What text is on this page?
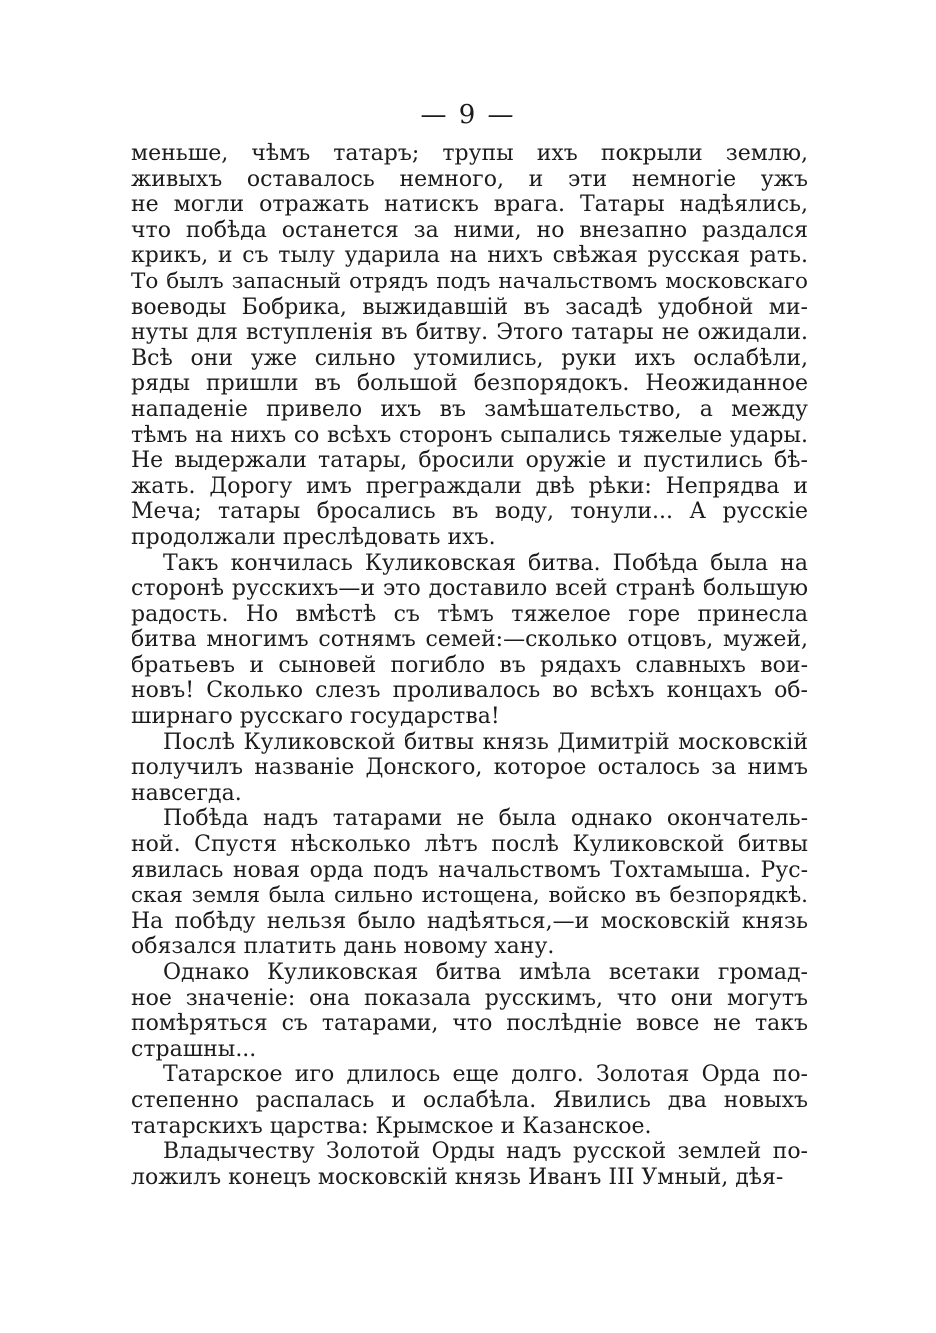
— 9 —
меньше, чѣмъ татаръ; трупы ихъ покрыли землю,
живыхъ оставалось немного, и эти немногіе ужъ
не могли отражать натискъ врага. Татары надѣялись,
что побѣда останется за ними, но внезапно раздался
крикъ, и съ тылу ударила на нихъ свѣжая русская рать.
То былъ запасный отрядъ подъ начальствомъ московскаго
воеводы Бобрика, выжидавшій въ засадѣ удобной ми-
нуты для вступленія въ битву. Этого татары не ожидали.
Всѣ они уже сильно утомились, руки ихъ ослабѣли,
ряды пришли въ большой безпорядокъ. Неожиданное
нападеніе привело ихъ въ замѣшательство, а между
тѣмъ на нихъ со всѣхъ сторонъ сыпались тяжелые удары.
Не выдержали татары, бросили оружіе и пустились бѣ-
жать. Дорогу имъ преграждали двѣ рѣки: Непрядва и
Меча; татары бросались въ воду, тонули... А русскіе
продолжали преслѣдовать ихъ.
Такъ кончилась Куликовская битва. Побѣда была на
сторонѣ русскихъ—и это доставило всей странѣ большую
радость. Но вмѣстѣ съ тѣмъ тяжелое горе принесла
битва многимъ сотнямъ семей:—сколько отцовъ, мужей,
братьевъ и сыновей погибло въ рядахъ славныхъ вои-
новъ! Сколько слезъ проливалось во всѣхъ концахъ об-
ширнаго русскаго государства!
Послѣ Куликовской битвы князь Димитрій московскій
получилъ названіе Донского, которое осталось за нимъ
навсегда.
Побѣда надъ татарами не была однако окончатель-
ной. Спустя нѣсколько лѣтъ послѣ Куликовской битвы
явилась новая орда подъ начальствомъ Тохтамыша. Рус-
ская земля была сильно истощена, войско въ безпорядкѣ.
На побѣду нельзя было надѣяться,—и московскій князь
обязался платить дань новому хану.
Однако Куликовская битва имѣла всетаки громад-
ное значеніе: она показала русскимъ, что они могутъ
помѣряться съ татарами, что послѣдніе вовсе не такъ
страшны...
Татарское иго длилось еще долго. Золотая Орда по-
степенно распалась и ослабѣла. Явились два новыхъ
татарскихъ царства: Крымское и Казанское.
Владычеству Золотой Орды надъ русской землей по-
ложилъ конецъ московскій князь Иванъ III Умный, дѣя-
